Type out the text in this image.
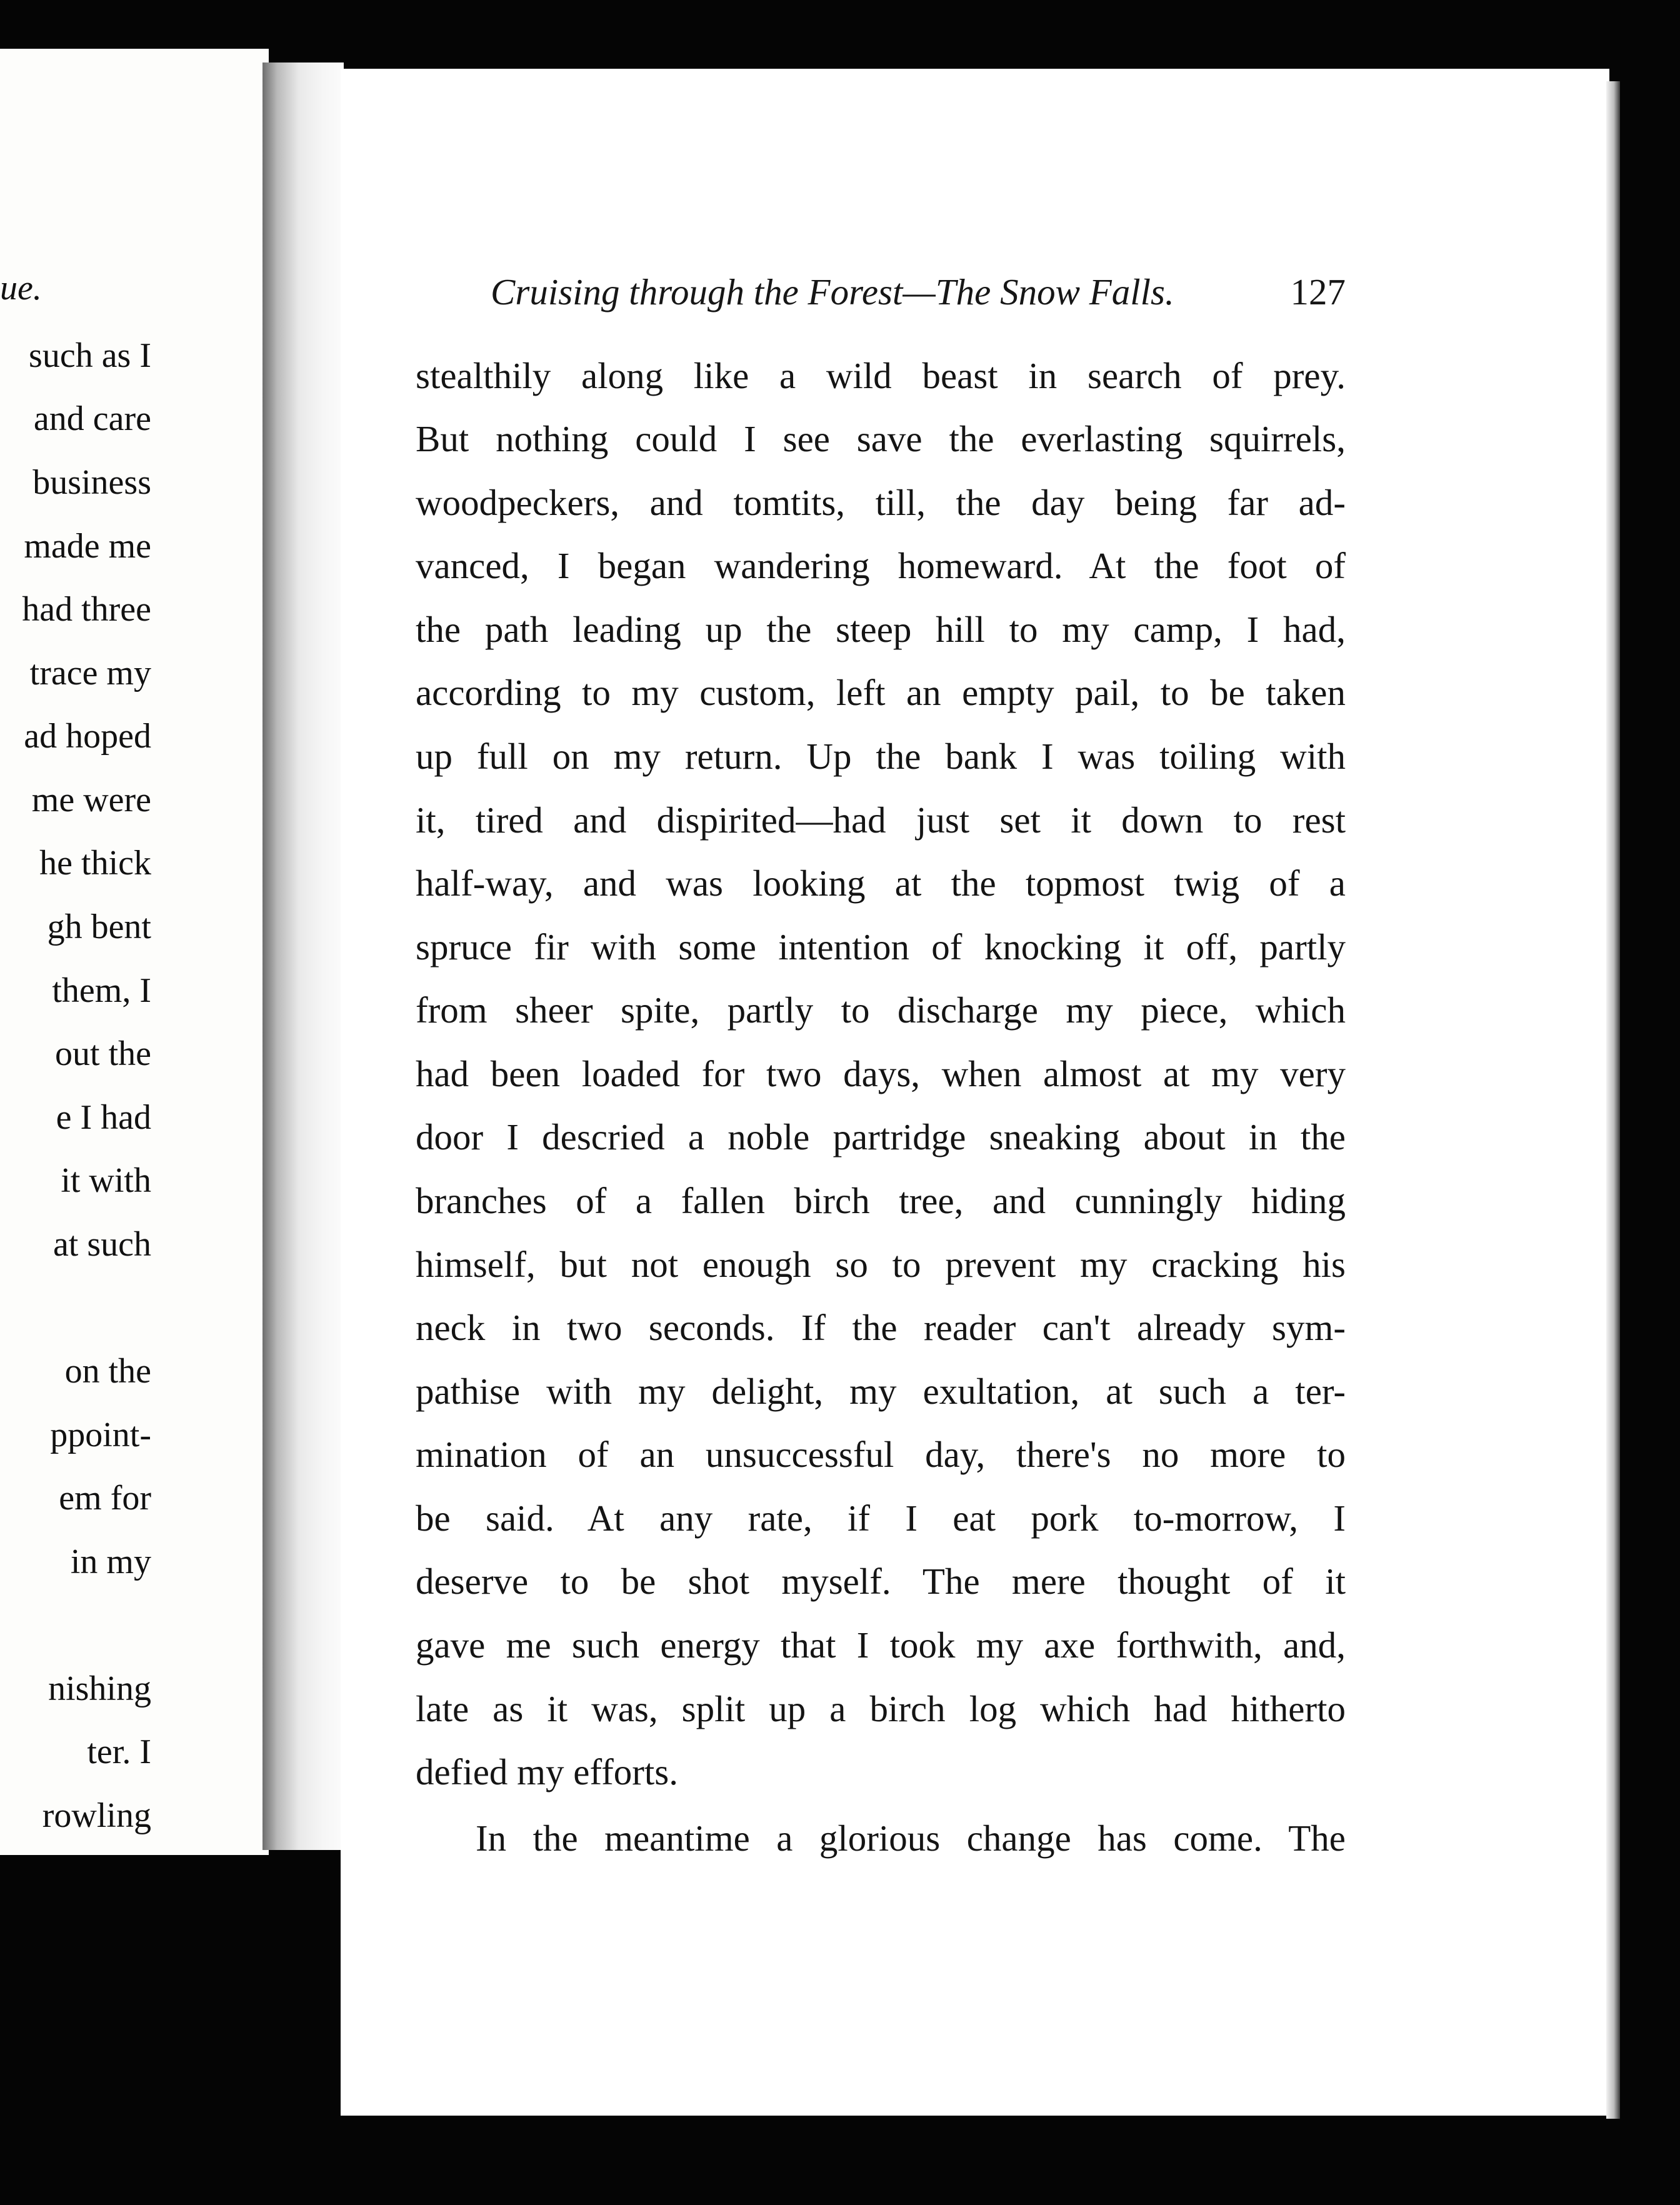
ue.
such as I
and care
business
made me
had three
trace my
ad hoped
me were
he thick
gh bent
them, I
out the
e I had
it with
at such
on the
ppoint-
em for
in my
nishing
ter. I
rowling
Cruising through the Forest—The Snow Falls.	127
stealthily along like a wild beast in search of prey.
But nothing could I see save the everlasting squirrels,
woodpeckers, and tomtits, till, the day being far ad-
vanced, I began wandering homeward. At the foot of
the path leading up the steep hill to my camp, I had,
according to my custom, left an empty pail, to be taken
up full on my return. Up the bank I was toiling with
it, tired and dispirited—had just set it down to rest
half-way, and was looking at the topmost twig of a
spruce fir with some intention of knocking it off, partly
from sheer spite, partly to discharge my piece, which
had been loaded for two days, when almost at my very
door I descried a noble partridge sneaking about in the
branches of a fallen birch tree, and cunningly hiding
himself, but not enough so to prevent my cracking his
neck in two seconds. If the reader can't already sym-
pathise with my delight, my exultation, at such a ter-
mination of an unsuccessful day, there's no more to
be said. At any rate, if I eat pork to-morrow, I
deserve to be shot myself. The mere thought of it
gave me such energy that I took my axe forthwith, and,
late as it was, split up a birch log which had hitherto
defied my efforts.
In the meantime a glorious change has come. The
